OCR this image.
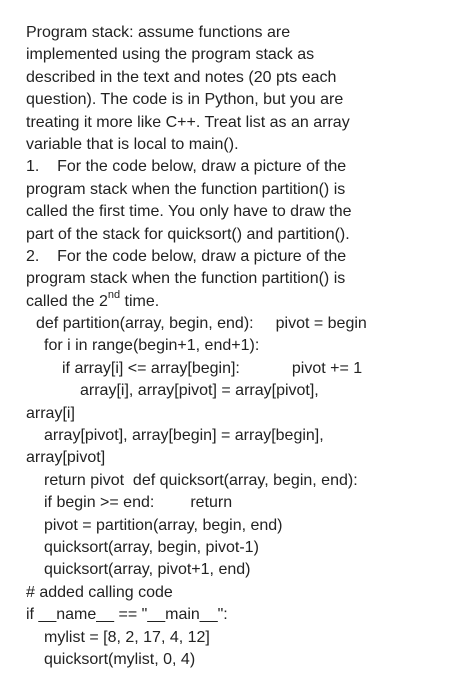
Program stack: assume functions are
implemented using the program stack as
described in the text and notes (20 pts each
question). The code is in Python, but you are
treating it more like C++. Treat list as an array
variable that is local to main().
1.    For the code below, draw a picture of the
program stack when the function partition() is
called the first time. You only have to draw the
part of the stack for quicksort() and partition().
2.    For the code below, draw a picture of the
program stack when the function partition() is
called the 2nd time.
def partition(array, begin, end): pivot = begin
for i in range(begin+1, end+1):
if array[i] <= array[begin]:	pivot += 1
array[i], array[pivot] = array[pivot],
array[i]
array[pivot], array[begin] = array[begin],
array[pivot]
return pivot  def quicksort(array, begin, end):
if begin >= end: return
pivot = partition(array, begin, end)
quicksort(array, begin, pivot-1)
quicksort(array, pivot+1, end)
# added calling code
if __name__ == "__main__":
mylist = [8, 2, 17, 4, 12]
quicksort(mylist, 0, 4)
